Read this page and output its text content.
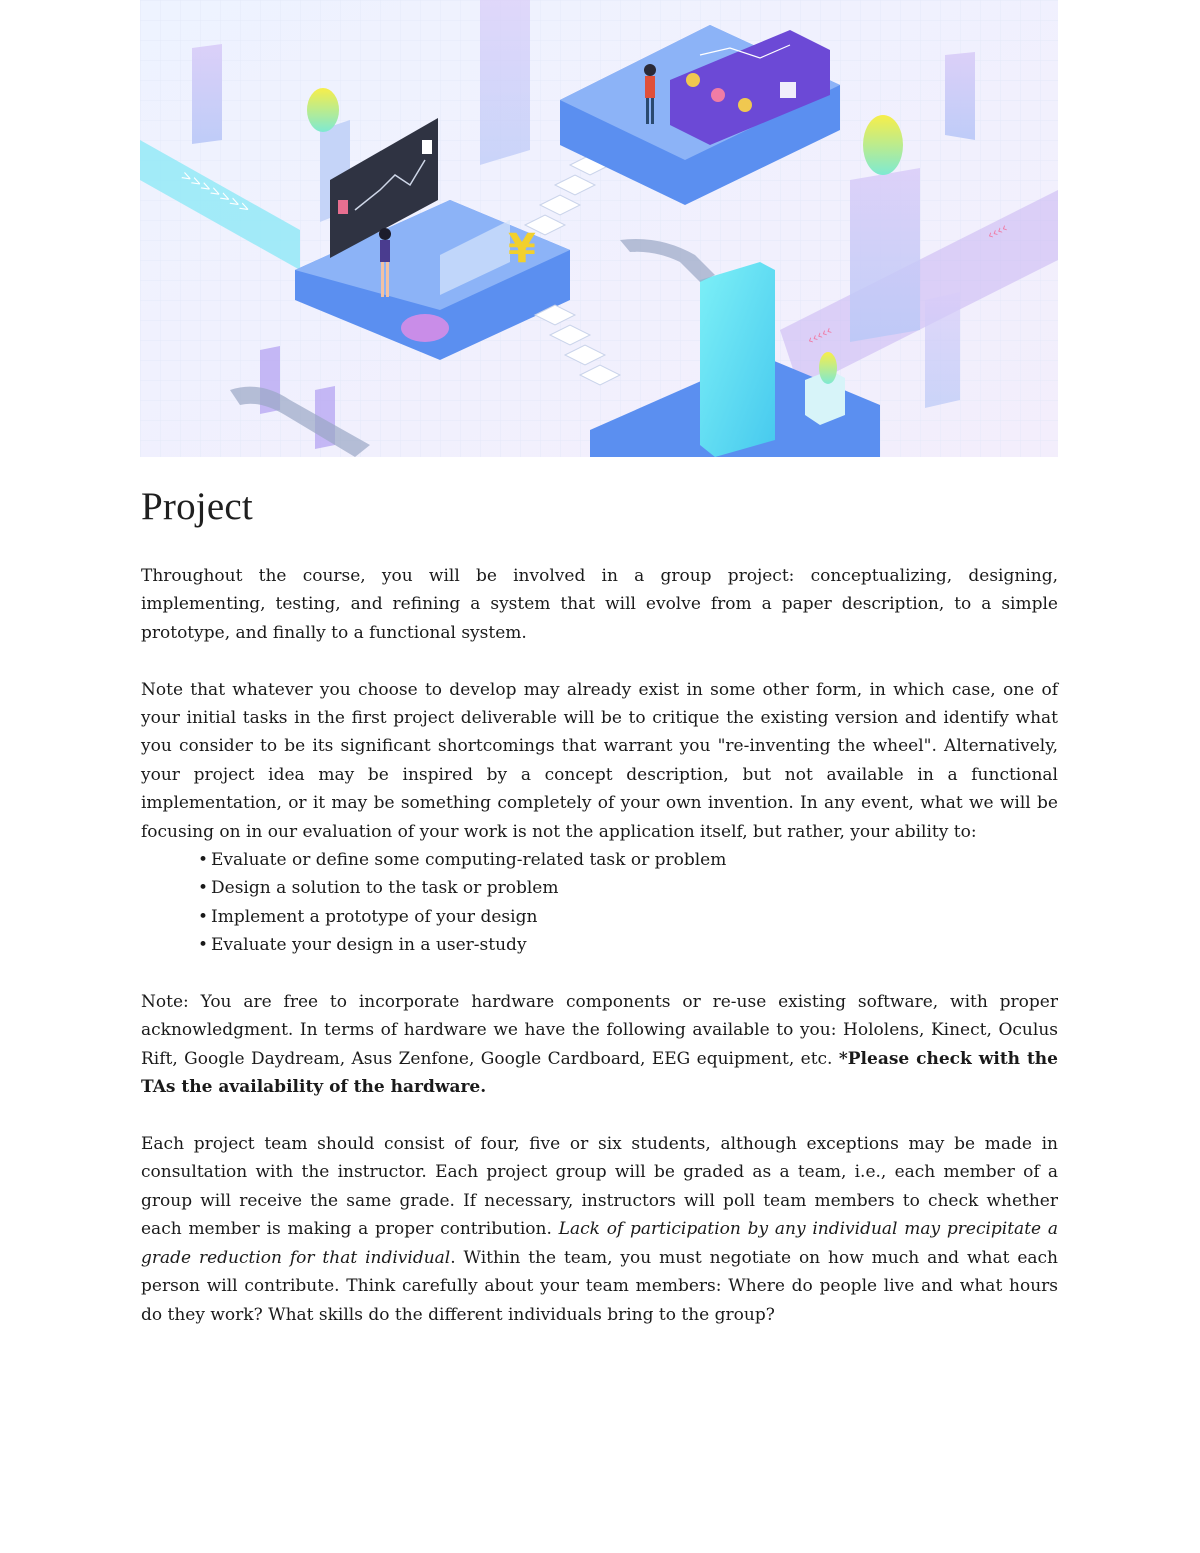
>>>>>>>
‹‹‹‹
‹‹‹‹‹
¥
Project

Throughout the course, you will be involved in a group project: conceptualizing, designing, implementing, testing, and refining a system that will evolve from a paper description, to a simple prototype, and finally to a functional system.

Note that whatever you choose to develop may already exist in some other form, in which case, one of your initial tasks in the first project deliverable will be to critique the existing version and identify what you consider to be its significant shortcomings that warrant you "re-inventing the wheel". Alternatively, your project idea may be inspired by a concept description, but not available in a functional implementation, or it may be something completely of your own invention. In any event, what we will be focusing on in our evaluation of your work is not the application itself, but rather, your ability to:

• Evaluate or define some computing-related task or problem
• Design a solution to the task or problem
• Implement a prototype of your design
• Evaluate your design in a user-study

Note: You are free to incorporate hardware components or re-use existing software, with proper acknowledgment. In terms of hardware we have the following available to you: Hololens, Kinect, Oculus Rift, Google Daydream, Asus Zenfone, Google Cardboard, EEG equipment, etc. *Please check with the TAs the availability of the hardware.

Each project team should consist of four, five or six students, although exceptions may be made in consultation with the instructor. Each project group will be graded as a team, i.e., each member of a group will receive the same grade. If necessary, instructors will poll team members to check whether each member is making a proper contribution. Lack of participation by any individual may precipitate a grade reduction for that individual. Within the team, you must negotiate on how much and what each person will contribute. Think carefully about your team members: Where do people live and what hours do they work? What skills do the different individuals bring to the group?
